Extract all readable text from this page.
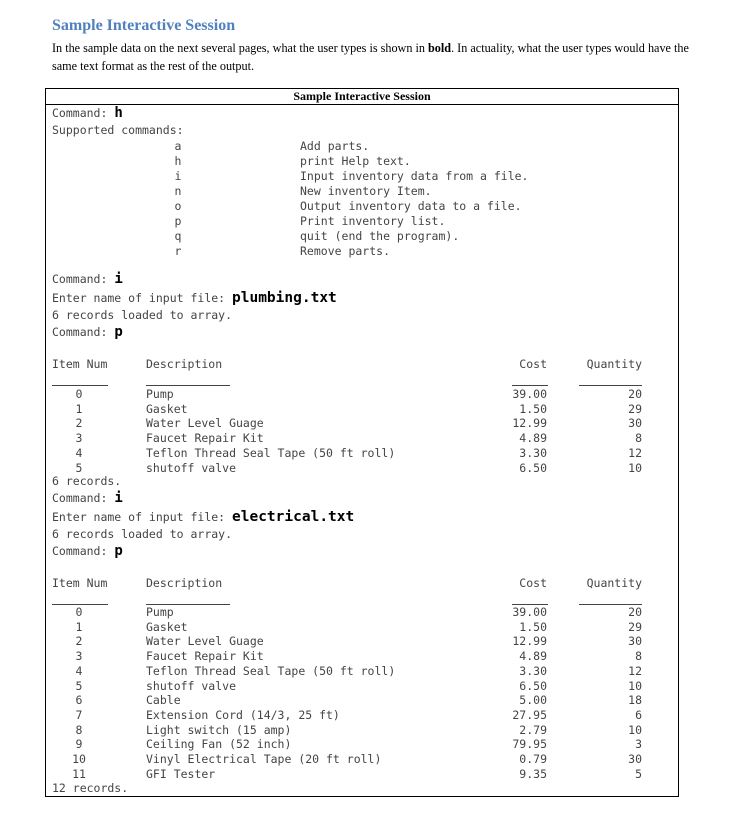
Sample Interactive Session
In the sample data on the next several pages, what the user types is shown in bold. In actuality, what the user types would have the same text format as the rest of the output.
Sample Interactive Session
Command: h
Supported commands:
a	Add parts.
h	print Help text.
i	Input inventory data from a file.
n	New inventory Item.
o	Output inventory data to a file.
p	Print inventory list.
q	quit (end the program).
r	Remove parts.
Command: i
Enter name of input file: plumbing.txt
6 records loaded to array.
Command: p
Item Num	Description	Cost	Quantity
0	Pump	39.00	20
1	Gasket	1.50	29
2	Water Level Guage	12.99	30
3	Faucet Repair Kit	4.89	8
4	Teflon Thread Seal Tape (50 ft roll)	3.30	12
5	shutoff valve	6.50	10
6 records.
Command: i
Enter name of input file: electrical.txt
6 records loaded to array.
Command: p
Item Num	Description	Cost	Quantity
0	Pump	39.00	20
1	Gasket	1.50	29
2	Water Level Guage	12.99	30
3	Faucet Repair Kit	4.89	8
4	Teflon Thread Seal Tape (50 ft roll)	3.30	12
5	shutoff valve	6.50	10
6	Cable	5.00	18
7	Extension Cord (14/3, 25 ft)	27.95	6
8	Light switch (15 amp)	2.79	10
9	Ceiling Fan (52 inch)	79.95	3
10	Vinyl Electrical Tape (20 ft roll)	0.79	30
11	GFI Tester	9.35	5
12 records.
